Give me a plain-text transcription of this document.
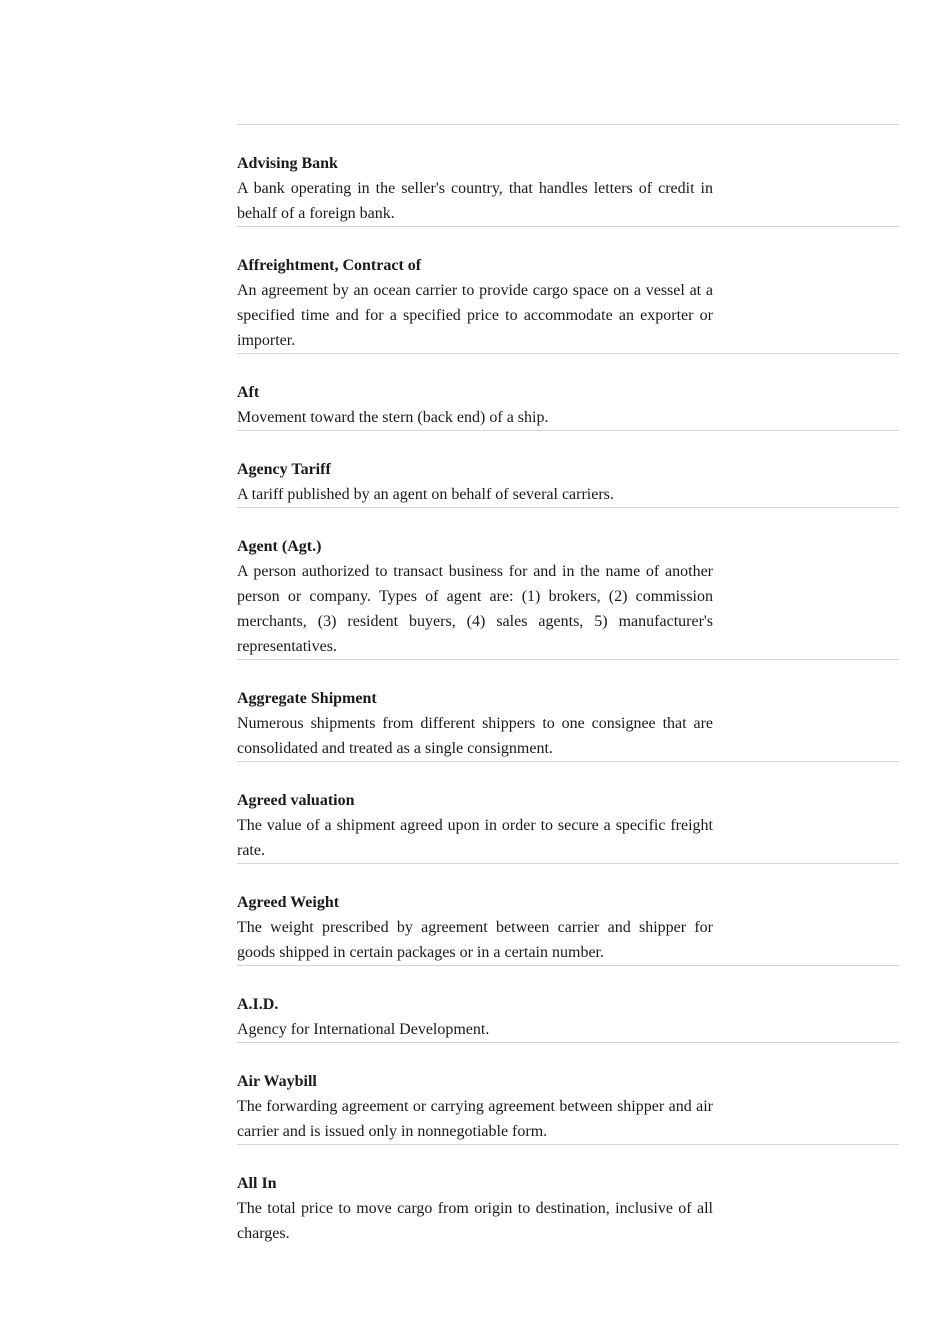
Advising Bank
A bank operating in the seller's country, that handles letters of credit in behalf of a foreign bank.
Affreightment, Contract of
An agreement by an ocean carrier to provide cargo space on a vessel at a specified time and for a specified price to accommodate an exporter or importer.
Aft
Movement toward the stern (back end) of a ship.
Agency Tariff
A tariff published by an agent on behalf of several carriers.
Agent (Agt.)
A person authorized to transact business for and in the name of another person or company. Types of agent are: (1) brokers, (2) commission merchants, (3) resident buyers, (4) sales agents, 5) manufacturer's representatives.
Aggregate Shipment
Numerous shipments from different shippers to one consignee that are consolidated and treated as a single consignment.
Agreed valuation
The value of a shipment agreed upon in order to secure a specific freight rate.
Agreed Weight
The weight prescribed by agreement between carrier and shipper for goods shipped in certain packages or in a certain number.
A.I.D.
Agency for International Development.
Air Waybill
The forwarding agreement or carrying agreement between shipper and air carrier and is issued only in nonnegotiable form.
All In
The total price to move cargo from origin to destination, inclusive of all charges.
